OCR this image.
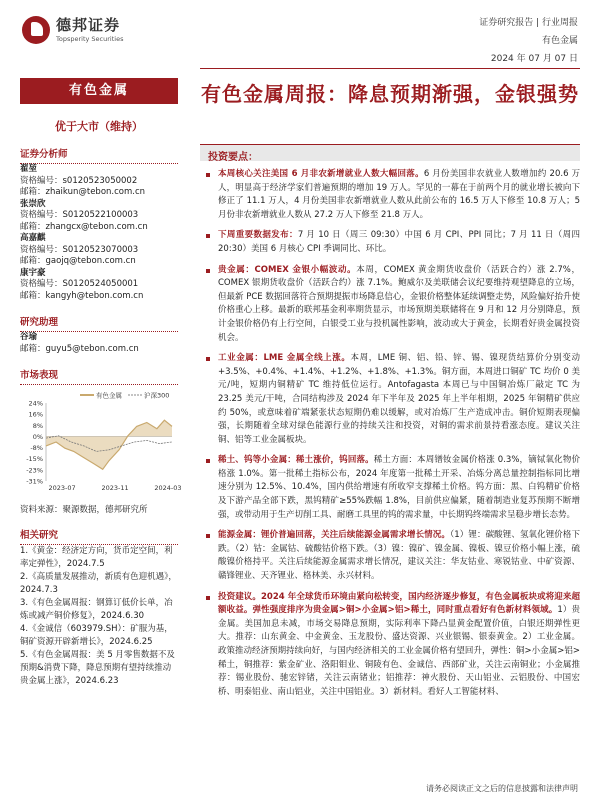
德邦证券
Topsperity Securities
证券研究报告 | 行业周报
有色金属
2024 年 07 月 07 日
有色金属
优于大市（维持）
证券分析师
翟堃
资格编号：s0120523050002
邮箱：zhaikun@tebon.com.cn
张崇欣
资格编号：S0120522100003
邮箱：zhangcx@tebon.com.cn
高嘉麒
资格编号：S0120523070003
邮箱：gaojq@tebon.com.cn
康宇豪
资格编号：S0120524050001
邮箱：kangyh@tebon.com.cn
研究助理
谷瑜
邮箱：guyu5@tebon.com.cn
市场表现
24%
16%
8%
0%
-8%
-15%
-23%
-31%
2023-07	2023-11	2024-03
有色金属	沪深300
资料来源：聚源数据，德邦研究所
相关研究
1.《黄金：经济定方向，货币定空间，利率定弹性》，2024.7.5
2.《高质量发展推动，新质有色迎机遇》，2024.7.3
3.《有色金属周报：钢算订低价长单，冶炼或减产铜价修复》，2024.6.30
4.《金诚信（603979.SH）：矿服为基，铜矿资源开辟新增长》，2024.6.25
5.《有色金属周报：美 5 月零售数据不及预期&消费下降，降息预期有望持续推动贵金属上涨》，2024.6.23
有色金属周报：降息预期渐强，金银强势
投资要点：
本周核心关注美国 6 月非农新增就业人数大幅回落。6 月份美国非农就业人数增加约 20.6 万人，明显高于经济学家们普遍预期的增加 19 万人。罕见的一幕在于前两个月的就业增长被向下修正了 11.1 万人，4 月份美国非农新增就业人数从此前公布的 16.5 万人下修至 10.8 万人；5 月份非农新增就业人数从 27.2 万人下修至 21.8 万人。
下周重要数据发布：7 月 10 日（周三 09:30）中国 6 月 CPI、PPI 同比；7 月 11 日（周四 20:30）美国 6 月核心 CPI 季调同比、环比。
贵金属：COMEX 金银小幅波动。本周，COMEX 黄金期货收盘价（活跃合约）涨 2.7%，COMEX 银期货收盘价（活跃合约）涨 7.1%。鲍威尔及美联储会议纪要维持观望降息的立场，但最新 PCE 数据回落符合预期提振市场降息信心，金银价格整体延续调整走势，风险偏好抬升使价格重心上移。最新的联邦基金利率期货显示，市场预期美联储将在 9 月和 12 月分别降息，预计金银价格仍有上行空间，白银受工业与投机属性影响，波动或大于黄金，长期看好贵金属投资机会。
工业金属：LME 金属全线上涨。本周，LME 铜、铝、铅、锌、锡、镍现货结算价分别变动 +3.5%、+0.4%、+1.4%、+1.2%、+1.8%、+1.3%。铜方面，本周进口铜矿 TC 均价 0 美元/吨，短期内铜精矿 TC 维持低位运行。Antofagasta 本周已与中国铜冶炼厂敲定 TC 为 23.25 美元/干吨，合同结构涉及 2024 年下半年及 2025 年上半年相期，2025 年铜精矿供应约 50%，或意味着矿端紧张状态短期仍难以缓解，或对冶炼厂生产造成冲击。铜价短期表现偏强，长期随着全球对绿色能源行业的持续关注和投资，对铜的需求前景持看涨态度。建议关注铜、铝等工业金属板块。
稀土、钨等小金属：稀土涨价，钨回落。稀土方面：本周镨钕金属价格涨 0.3%，镝铽氧化物价格涨 1.0%。第一批稀土指标公布，2024 年度第一批稀土开采、冶炼分离总量控制指标同比增速分别为 12.5%、10.4%，国内供给增速有所收窄支撑稀土价格。钨方面：黑、白钨精矿价格及下游产品全部下跌，黑钨精矿≥55%跌幅 1.8%，目前供应偏紧，随着制造业复苏预期不断增强，或带动用于生产切削工具、耐磨工具里的钨的需求量，中长期钨终端需求呈稳步增长态势。
能源金属：锂价普遍回落，关注后续能源金属需求增长情况。（1）锂：碳酸锂、氢氧化锂价格下跌。（2）钴：金属钴、硫酸钴价格下跌。（3）镍：镍矿、镍金属、镍板、镍豆价格小幅上涨，硫酸镍价格持平。关注后续能源金属需求增长情况，建议关注：华友钴业、寒锐钴业、中矿资源、赣锋锂业、天齐锂业、格林美、永兴材料。
投资建议。2024 年全球货币环境由紧向松转变，国内经济逐步修复，有色金属板块或将迎来超额收益。弹性强度排序为贵金属>铜>小金属>铝>稀土，同时重点看好有色新材料领域。1）贵金属。美国加息未减，市场交易降息预期，实际利率下降凸显黄金配置价值，白银还期弹性更大。推荐：山东黄金、中金黄金、玉龙股份、盛达资源、兴业银锡、银泰黄金。2）工业金属。政策推动经济预期持续向好，与国内经济相关的工业金属价格有望回升，弹性：铜>小金属>铝>稀土，铜推荐：紫金矿业、洛阳钼业、铜陵有色、金诚信、西部矿业，关注云南铜业；小金属推荐：锡业股份、驰宏锌锗，关注云南锗业；铝推荐：神火股份、天山铝业、云铝股份、中国宏桥、明泰铝业、南山铝业，关注中国铝业。3）新材料。看好人工智能材料、
请务必阅读正文之后的信息披露和法律声明
